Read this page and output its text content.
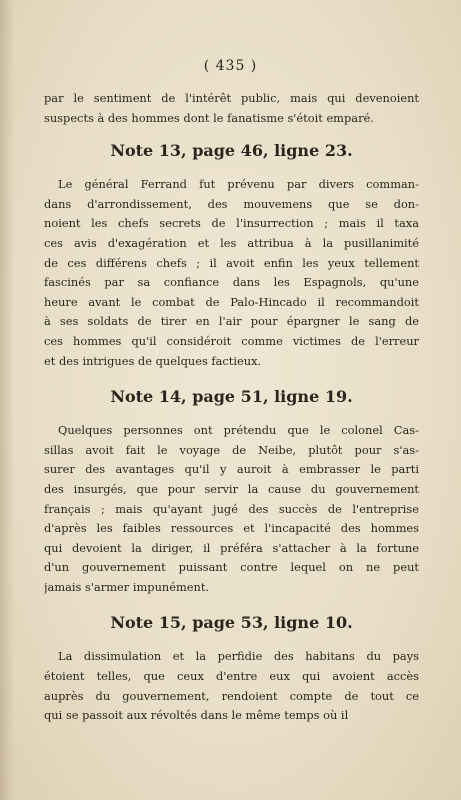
( 435 )

par le sentiment de l'intérêt public, mais qui devenoient
suspects à des hommes dont le fanatisme s'étoit emparé.

Note 13, page 46, ligne 23.

Le général Ferrand fut prévenu par divers comman-
dans d'arrondissement, des mouvemens que se don-
noient les chefs secrets de l'insurrection ; mais il taxa
ces avis d'exagération et les attribua à la pusillanimité
de ces différens chefs ; il avoit enfin les yeux tellement
fascinés par sa confiance dans les Espagnols, qu'une
heure avant le combat de Palo-Hincado il recommandoit
à ses soldats de tirer en l'air pour épargner le sang de
ces hommes qu'il considéroit comme victimes de l'erreur
et des intrigues de quelques factieux.

Note 14, page 51, ligne 19.

Quelques personnes ont prétendu que le colonel Cas-
sillas avoit fait le voyage de Neibe, plutôt pour s'as-
surer des avantages qu'il y auroit à embrasser le parti
des insurgés, que pour servir la cause du gouvernement
français ; mais qu'ayant jugé des succès de l'entreprise
d'après les faibles ressources et l'incapacité des hommes
qui devoient la diriger, il préféra s'attacher à la fortune
d'un gouvernement puissant contre lequel on ne peut
jamais s'armer impunément.

Note 15, page 53, ligne 10.

La dissimulation et la perfidie des habitans du pays
étoient telles, que ceux d'entre eux qui avoient accès
auprès du gouvernement, rendoient compte de tout ce
qui se passoit aux révoltés dans le même temps où il
